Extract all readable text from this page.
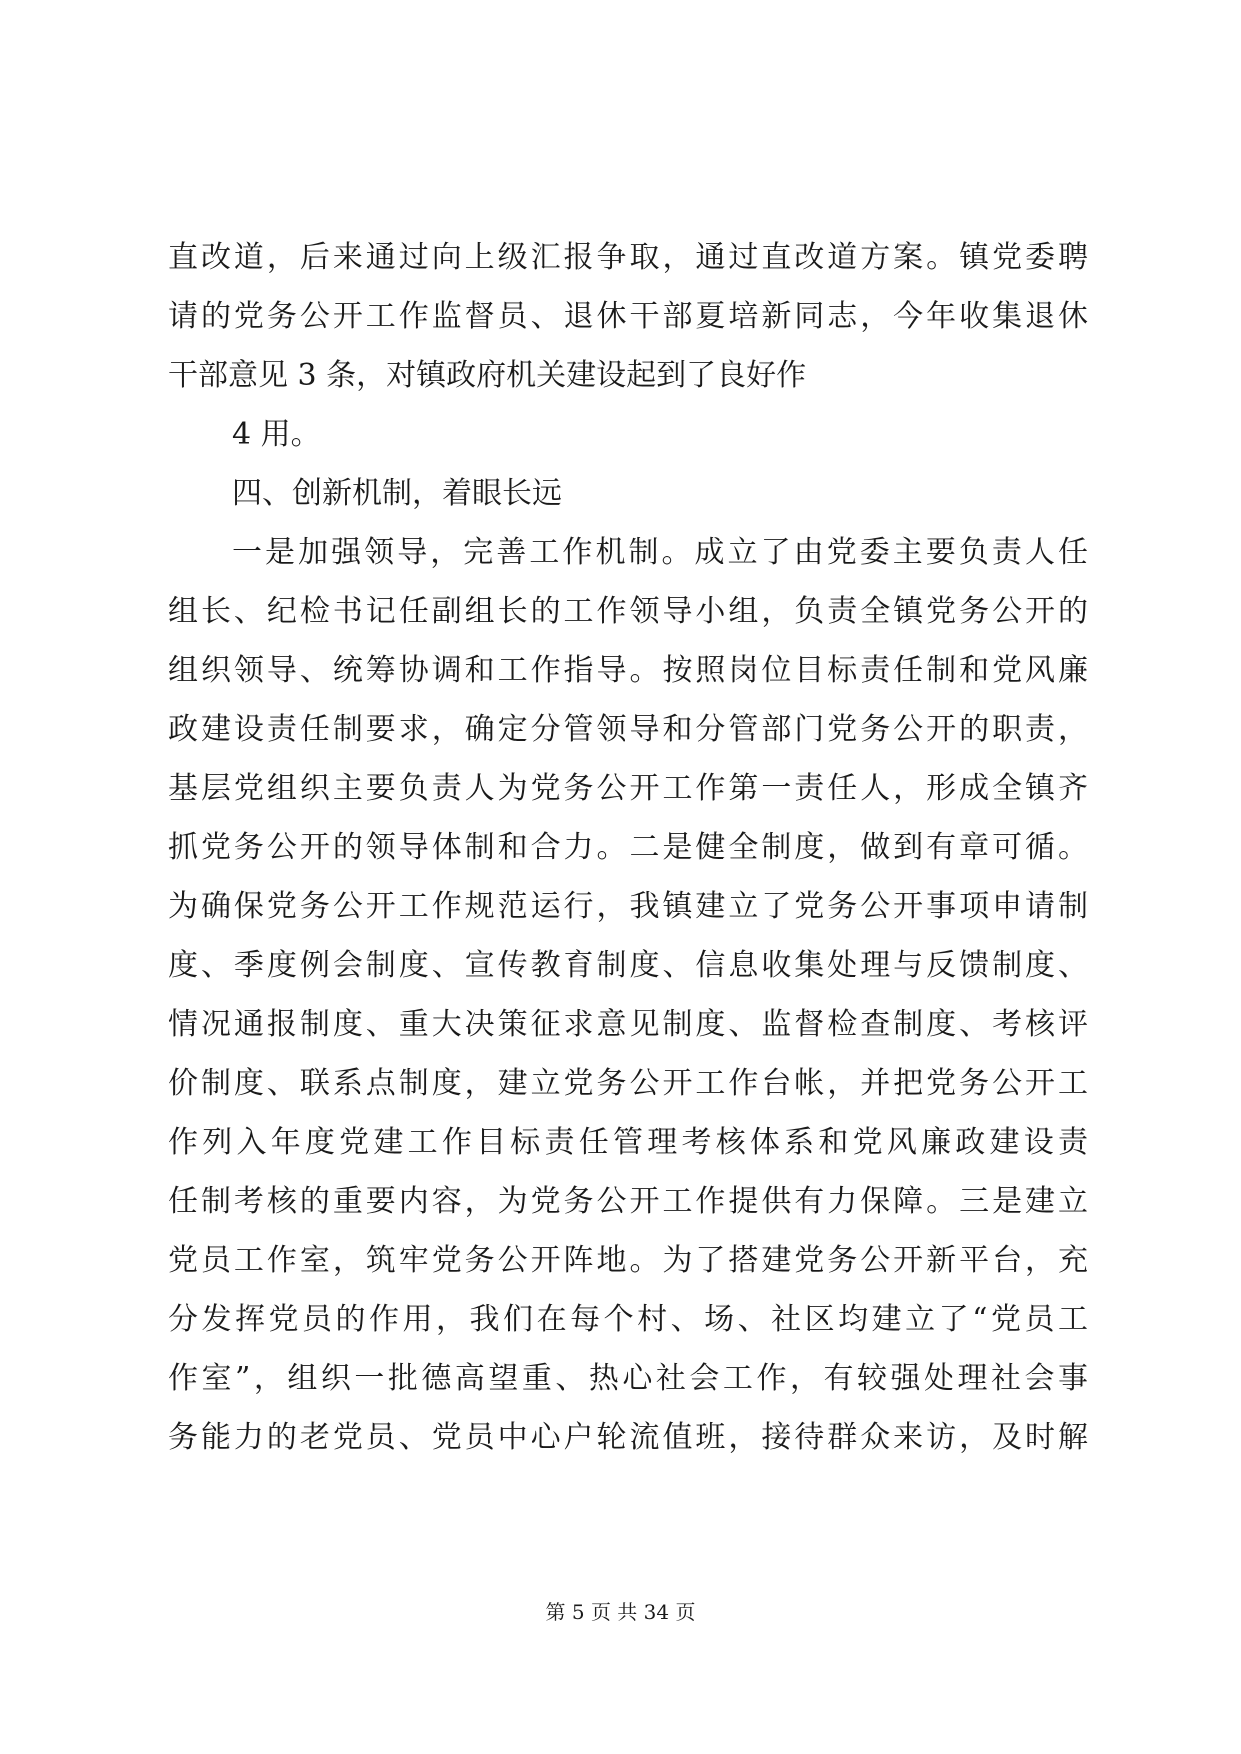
直改道，后来通过向上级汇报争取，通过直改道方案。镇党委聘
请的党务公开工作监督员、退休干部夏培新同志，今年收集退休
干部意见 3 条，对镇政府机关建设起到了良好作
4 用。
四、创新机制，着眼长远
一是加强领导，完善工作机制。成立了由党委主要负责人任
组长、纪检书记任副组长的工作领导小组，负责全镇党务公开的
组织领导、统筹协调和工作指导。按照岗位目标责任制和党风廉
政建设责任制要求，确定分管领导和分管部门党务公开的职责，
基层党组织主要负责人为党务公开工作第一责任人，形成全镇齐
抓党务公开的领导体制和合力。二是健全制度，做到有章可循。
为确保党务公开工作规范运行，我镇建立了党务公开事项申请制
度、季度例会制度、宣传教育制度、信息收集处理与反馈制度、
情况通报制度、重大决策征求意见制度、监督检查制度、考核评
价制度、联系点制度，建立党务公开工作台帐，并把党务公开工
作列入年度党建工作目标责任管理考核体系和党风廉政建设责
任制考核的重要内容，为党务公开工作提供有力保障。三是建立
党员工作室，筑牢党务公开阵地。为了搭建党务公开新平台，充
分发挥党员的作用，我们在每个村、场、社区均建立了“党员工
作室”，组织一批德高望重、热心社会工作，有较强处理社会事
务能力的老党员、党员中心户轮流值班，接待群众来访，及时解
第 5 页 共 34 页
